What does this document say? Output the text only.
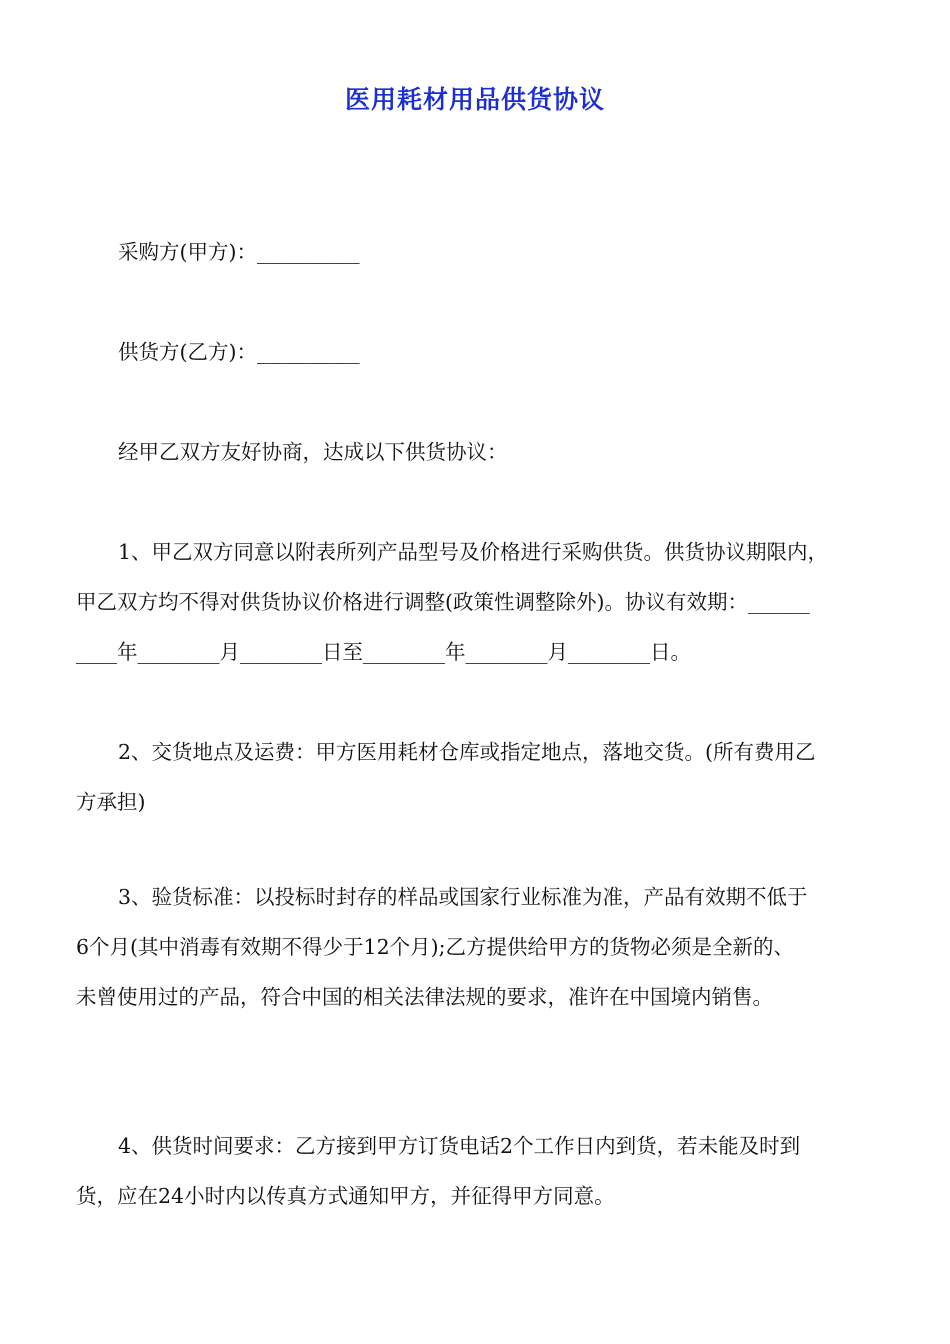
医用耗材用品供货协议
采购方(甲方)：__________
供货方(乙方)：__________
经甲乙双方友好协商，达成以下供货协议：
1、甲乙双方同意以附表所列产品型号及价格进行采购供货。供货协议期限内，
甲乙双方均不得对供货协议价格进行调整(政策性调整除外)。协议有效期：______
____年________月________日至________年________月________日。
2、交货地点及运费：甲方医用耗材仓库或指定地点，落地交货。(所有费用乙
方承担)
3、验货标准：以投标时封存的样品或国家行业标准为准，产品有效期不低于
6个月(其中消毒有效期不得少于12个月);乙方提供给甲方的货物必须是全新的、
未曾使用过的产品，符合中国的相关法律法规的要求，准许在中国境内销售。
4、供货时间要求：乙方接到甲方订货电话2个工作日内到货，若未能及时到
货，应在24小时内以传真方式通知甲方，并征得甲方同意。
